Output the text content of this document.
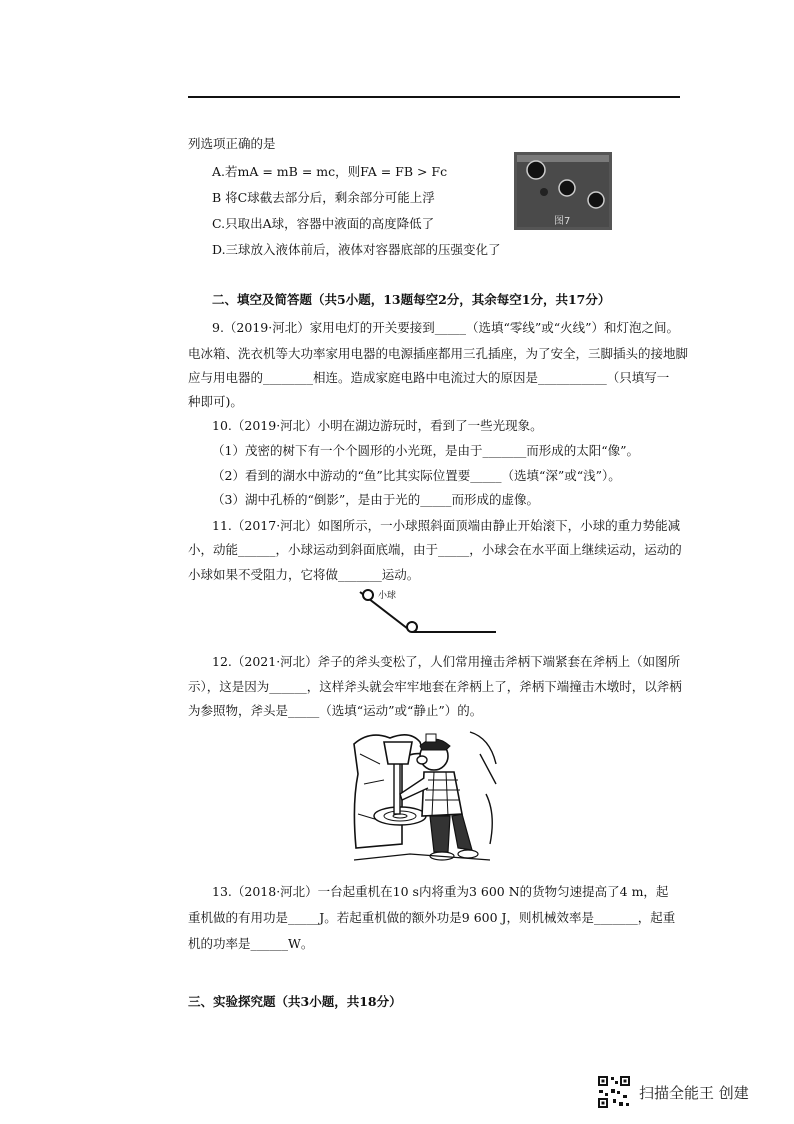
列选项正确的是
A.若mA = mB = mc，则FA = FB > Fc
B 将C球截去部分后，剩余部分可能上浮
C.只取出A球，容器中液面的高度降低了
D.三球放入液体前后，液体对容器底部的压强变化了
图7
二、填空及简答题（共5小题，13题每空2分，其余每空1分，共17分）
9.（2019·河北）家用电灯的开关要接到_____（选填“零线”或“火线”）和灯泡之间。
电冰箱、洗衣机等大功率家用电器的电源插座都用三孔插座，为了安全，三脚插头的接地脚
应与用电器的________相连。造成家庭电路中电流过大的原因是___________（只填写一
种即可)。
10.（2019·河北）小明在湖边游玩时，看到了一些光现象。
（1）茂密的树下有一个个圆形的小光斑，是由于_______而形成的太阳“像”。
（2）看到的湖水中游动的“鱼”比其实际位置要_____（选填“深”或“浅”）。
（3）湖中孔桥的“倒影”，是由于光的_____而形成的虚像。
11.（2017·河北）如图所示，一小球照斜面顶端由静止开始滚下，小球的重力势能减
小，动能______，小球运动到斜面底端，由于_____，小球会在水平面上继续运动，运动的
小球如果不受阻力，它将做_______运动。
小球
12.（2021·河北）斧子的斧头变松了，人们常用撞击斧柄下端紧套在斧柄上（如图所
示），这是因为______，这样斧头就会牢牢地套在斧柄上了，斧柄下端撞击木墩时，以斧柄
为参照物，斧头是_____（选填“运动”或“静止”）的。
13.（2018·河北）一台起重机在10 s内将重为3 600 N的货物匀速提高了4 m，起
重机做的有用功是_____J。若起重机做的额外功是9 600 J，则机械效率是_______，起重
机的功率是______W。
三、实验探究题（共3小题，共18分）
扫描全能王 创建
